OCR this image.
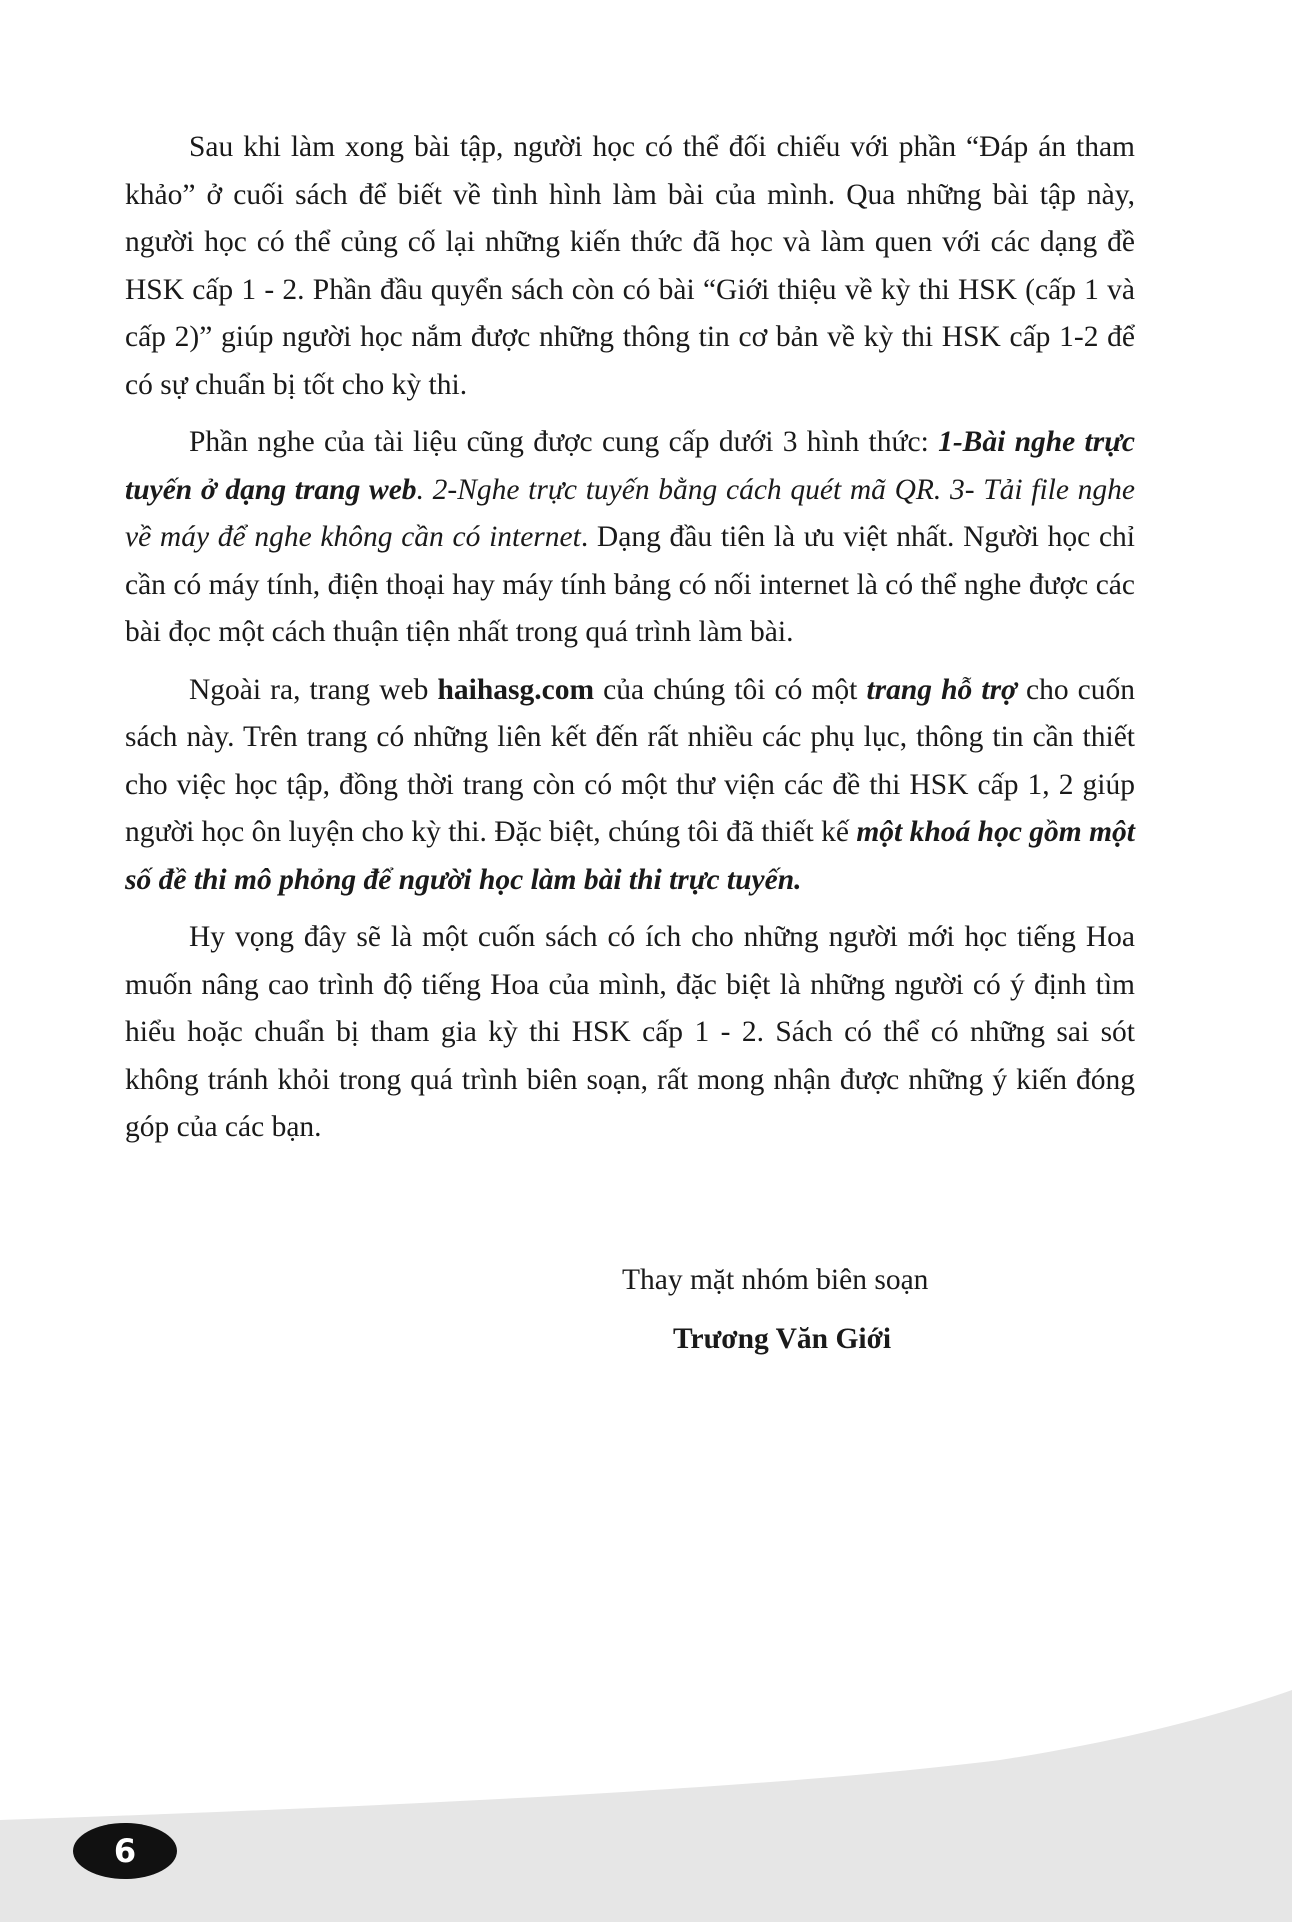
Sau khi làm xong bài tập, người học có thể đối chiếu với phần “Đáp án tham khảo” ở cuối sách để biết về tình hình làm bài của mình. Qua những bài tập này, người học có thể củng cố lại những kiến thức đã học và làm quen với các dạng đề HSK cấp 1 - 2. Phần đầu quyển sách còn có bài “Giới thiệu về kỳ thi HSK (cấp 1 và cấp 2)” giúp người học nắm được những thông tin cơ bản về kỳ thi HSK cấp 1-2 để có sự chuẩn bị tốt cho kỳ thi.

Phần nghe của tài liệu cũng được cung cấp dưới 3 hình thức: 1-Bài nghe trực tuyến ở dạng trang web. 2-Nghe trực tuyến bằng cách quét mã QR. 3- Tải file nghe về máy để nghe không cần có internet. Dạng đầu tiên là ưu việt nhất. Người học chỉ cần có máy tính, điện thoại hay máy tính bảng có nối internet là có thể nghe được các bài đọc một cách thuận tiện nhất trong quá trình làm bài.

Ngoài ra, trang web haihasg.com của chúng tôi có một trang hỗ trợ cho cuốn sách này. Trên trang có những liên kết đến rất nhiều các phụ lục, thông tin cần thiết cho việc học tập, đồng thời trang còn có một thư viện các đề thi HSK cấp 1, 2 giúp người học ôn luyện cho kỳ thi. Đặc biệt, chúng tôi đã thiết kế một khoá học gồm một số đề thi mô phỏng để người học làm bài thi trực tuyến.

Hy vọng đây sẽ là một cuốn sách có ích cho những người mới học tiếng Hoa muốn nâng cao trình độ tiếng Hoa của mình, đặc biệt là những người có ý định tìm hiểu hoặc chuẩn bị tham gia kỳ thi HSK cấp 1 - 2. Sách có thể có những sai sót không tránh khỏi trong quá trình biên soạn, rất mong nhận được những ý kiến đóng góp của các bạn.

Thay mặt nhóm biên soạn
Trương Văn Giới
6
